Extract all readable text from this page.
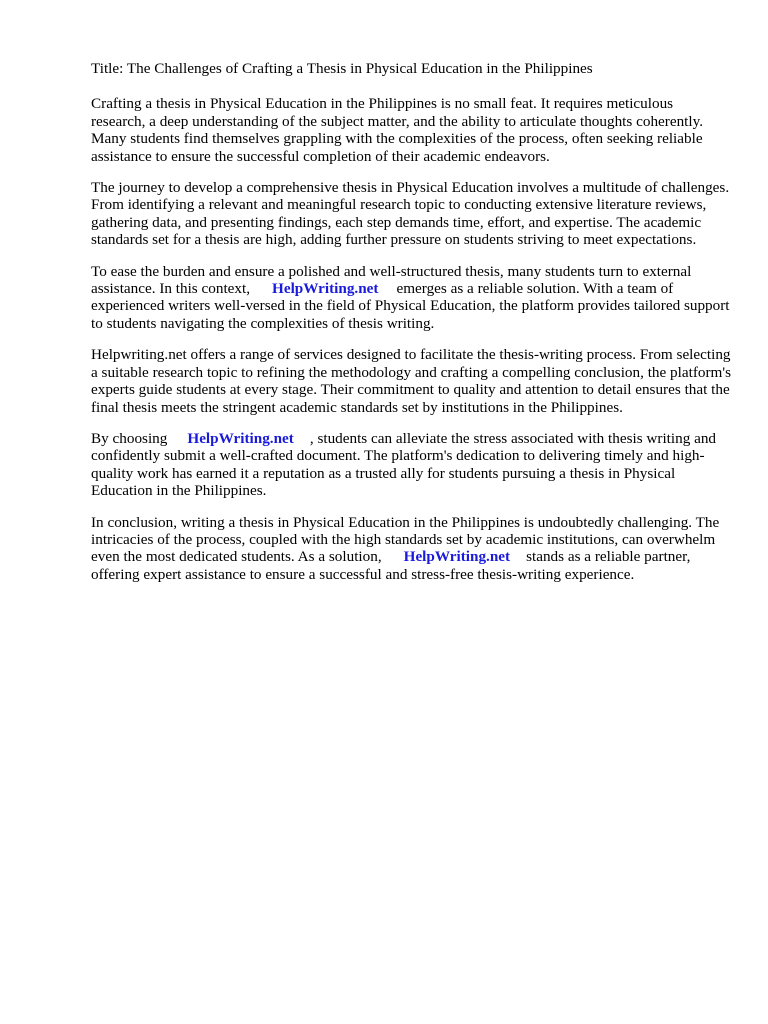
Title: The Challenges of Crafting a Thesis in Physical Education in the Philippines

Crafting a thesis in Physical Education in the Philippines is no small feat. It requires meticulous research, a deep understanding of the subject matter, and the ability to articulate thoughts coherently. Many students find themselves grappling with the complexities of the process, often seeking reliable assistance to ensure the successful completion of their academic endeavors.

The journey to develop a comprehensive thesis in Physical Education involves a multitude of challenges. From identifying a relevant and meaningful research topic to conducting extensive literature reviews, gathering data, and presenting findings, each step demands time, effort, and expertise. The academic standards set for a thesis are high, adding further pressure on students striving to meet expectations.

To ease the burden and ensure a polished and well-structured thesis, many students turn to external assistance. In this context, HelpWriting.net emerges as a reliable solution. With a team of experienced writers well-versed in the field of Physical Education, the platform provides tailored support to students navigating the complexities of thesis writing.

Helpwriting.net offers a range of services designed to facilitate the thesis-writing process. From selecting a suitable research topic to refining the methodology and crafting a compelling conclusion, the platform's experts guide students at every stage. Their commitment to quality and attention to detail ensures that the final thesis meets the stringent academic standards set by institutions in the Philippines.

By choosing HelpWriting.net , students can alleviate the stress associated with thesis writing and confidently submit a well-crafted document. The platform's dedication to delivering timely and high-quality work has earned it a reputation as a trusted ally for students pursuing a thesis in Physical Education in the Philippines.

In conclusion, writing a thesis in Physical Education in the Philippines is undoubtedly challenging. The intricacies of the process, coupled with the high standards set by academic institutions, can overwhelm even the most dedicated students. As a solution, HelpWriting.net stands as a reliable partner, offering expert assistance to ensure a successful and stress-free thesis-writing experience.
